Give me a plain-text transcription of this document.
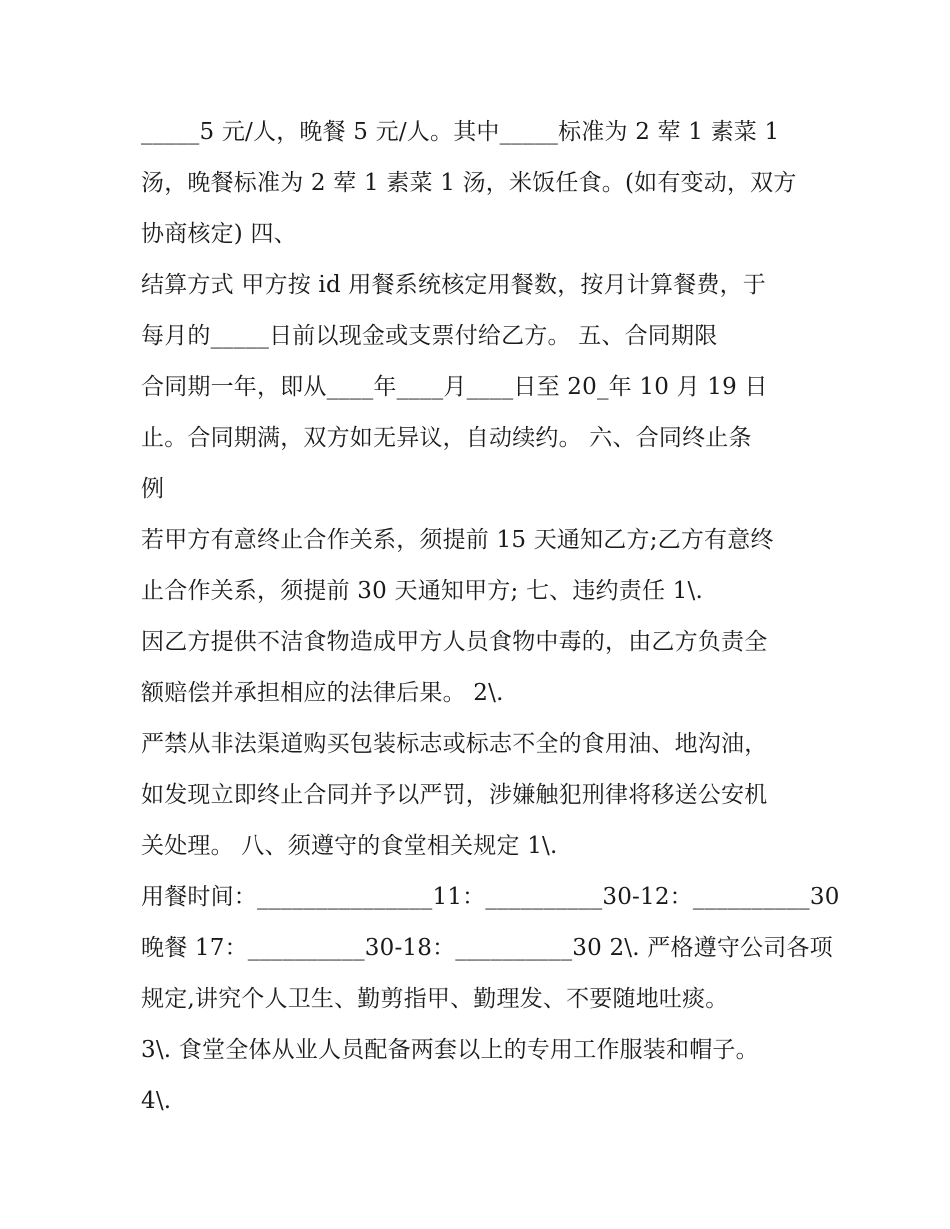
_____5 元/人，晚餐 5 元/人。其中_____标准为 2 荤 1 素菜 1
汤，晚餐标准为 2 荤 1 素菜 1 汤，米饭任食。(如有变动，双方
协商核定) 四、
结算方式 甲方按 id 用餐系统核定用餐数，按月计算餐费，于
每月的_____日前以现金或支票付给乙方。 五、合同期限
合同期一年，即从____年____月____日至 20_年 10 月 19 日
止。合同期满，双方如无异议，自动续约。 六、合同终止条
例
若甲方有意终止合作关系，须提前 15 天通知乙方;乙方有意终
止合作关系，须提前 30 天通知甲方; 七、违约责任 1\.
因乙方提供不洁食物造成甲方人员食物中毒的，由乙方负责全
额赔偿并承担相应的法律后果。 2\.
严禁从非法渠道购买包装标志或标志不全的食用油、地沟油，
如发现立即终止合同并予以严罚，涉嫌触犯刑律将移送公安机
关处理。 八、须遵守的食堂相关规定 1\.
用餐时间：_______________11：__________30-12：__________30
晚餐 17：__________30-18：__________30 2\. 严格遵守公司各项
规定,讲究个人卫生、勤剪指甲、勤理发、不要随地吐痰。
3\. 食堂全体从业人员配备两套以上的专用工作服装和帽子。
4\.
